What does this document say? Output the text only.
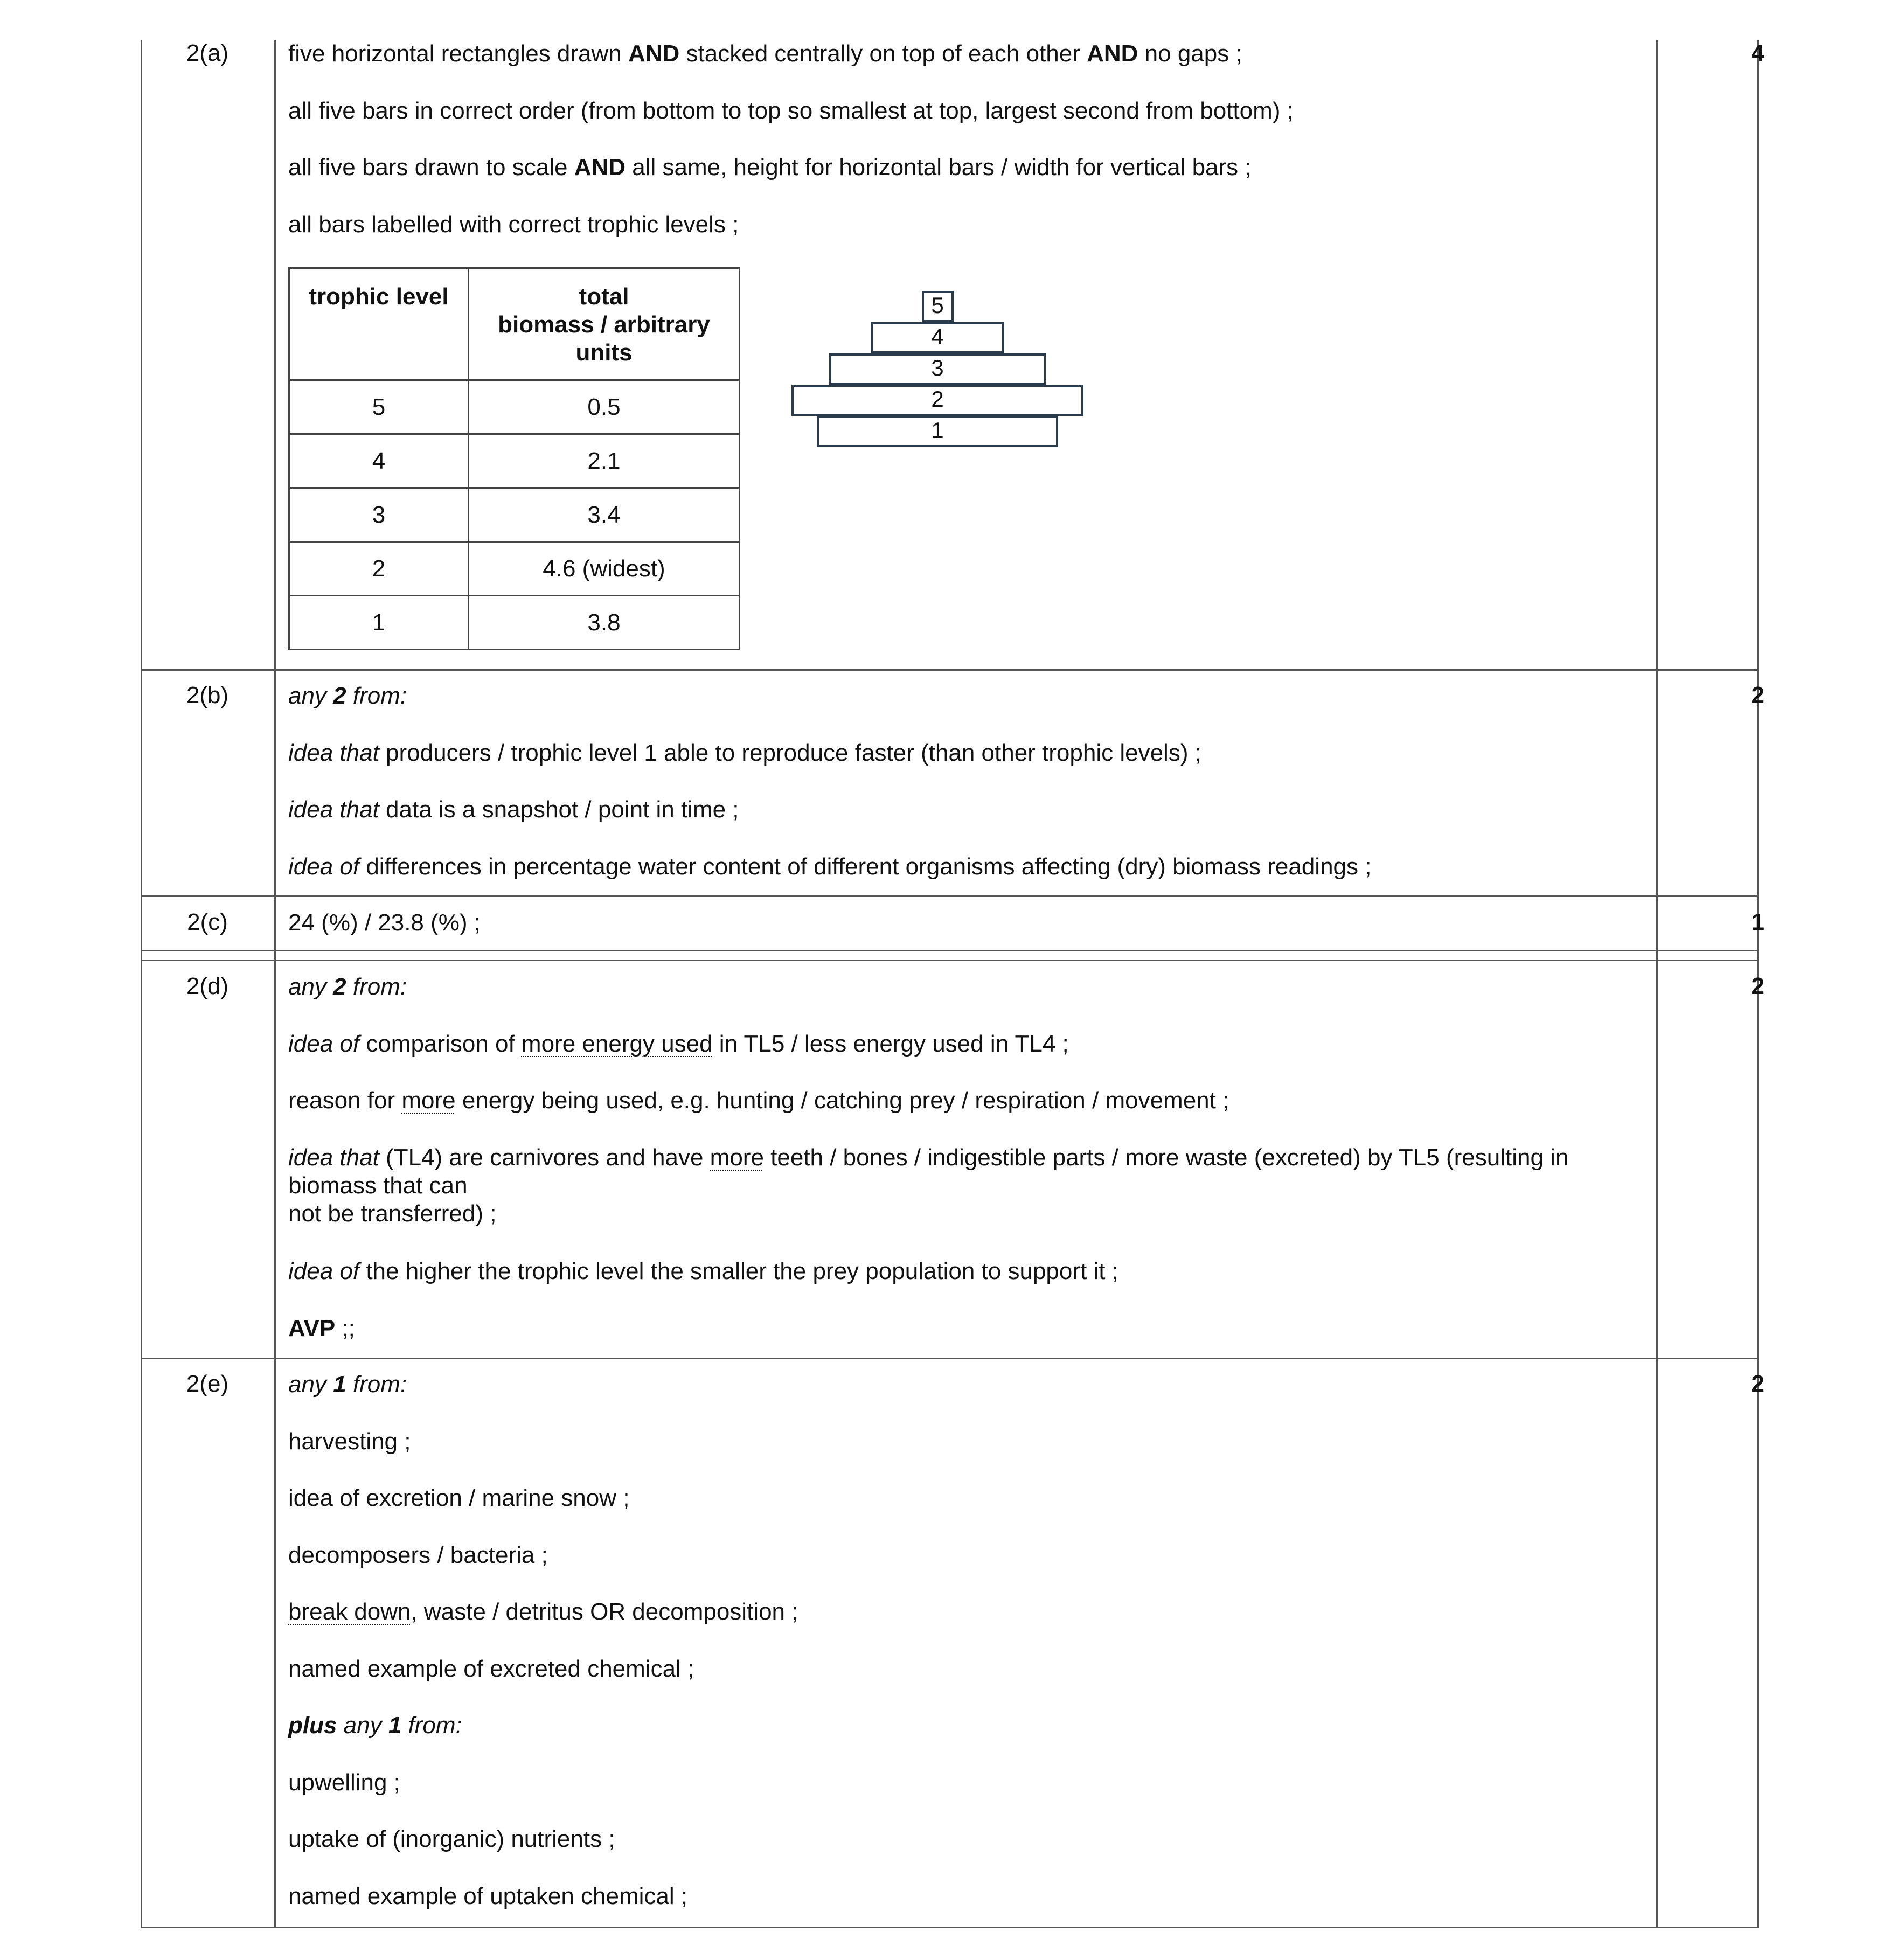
2(a)	4
five horizontal rectangles drawn AND stacked centrally on top of each other AND no gaps ;
all five bars in correct order (from bottom to top so smallest at top, largest second from bottom) ;
all five bars drawn to scale AND all same, height for horizontal bars / width for vertical bars ;
all bars labelled with correct trophic levels ;
trophic level	total
biomass / arbitrary
units

5	0.5
4	2.1
3	3.4
2	4.6 (widest)
1	3.8
5
4
3
2
1
2(b)	2
any 2 from:
idea that producers / trophic level 1 able to reproduce faster (than other trophic levels) ;
idea that data is a snapshot / point in time ;
idea of differences in percentage water content of different organisms affecting (dry) biomass readings ;
2(c)	1
24 (%) / 23.8 (%) ;
2(d)	2
any 2 from:
idea of comparison of more energy used in TL5 / less energy used in TL4 ;
reason for more energy being used, e.g. hunting / catching prey / respiration / movement ;
idea that (TL4) are carnivores and have more teeth / bones / indigestible parts / more waste (excreted) by TL5 (resulting in biomass that can
not be transferred) ;
idea of the higher the trophic level the smaller the prey population to support it ;
AVP ;;
2(e)	2
any 1 from:
harvesting ;
idea of excretion / marine snow ;
decomposers / bacteria ;
break down, waste / detritus OR decomposition ;
named example of excreted chemical ;
plus any 1 from:
upwelling ;
uptake of (inorganic) nutrients ;
named example of uptaken chemical ;
